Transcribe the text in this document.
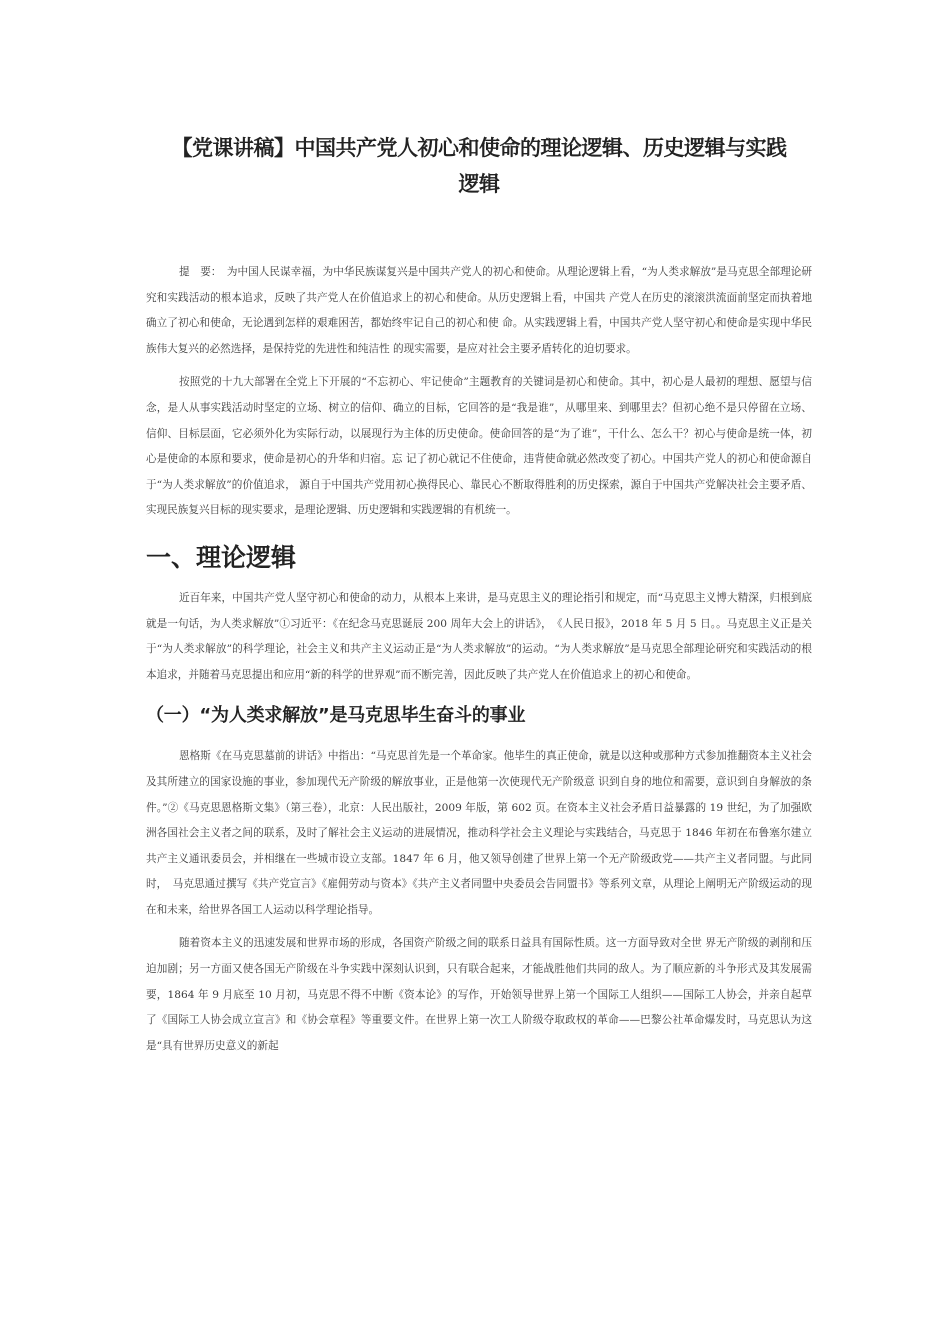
【党课讲稿】中国共产党人初心和使命的理论逻辑、历史逻辑与实践
逻辑

提　要：　为中国人民谋幸福，为中华民族谋复兴是中国共产党人的初心和使命。从理论逻辑上看，“为人类求解放”是马克思全部理论研究和实践活动的根本追求，反映了共产党人在价值追求上的初心和使命。从历史逻辑上看，中国共 产党人在历史的滚滚洪流面前坚定而执着地确立了初心和使命，无论遇到怎样的艰难困苦，都始终牢记自己的初心和使 命。从实践逻辑上看，中国共产党人坚守初心和使命是实现中华民族伟大复兴的必然选择，是保持党的先进性和纯洁性 的现实需要，是应对社会主要矛盾转化的迫切要求。

按照党的十九大部署在全党上下开展的“不忘初心、牢记使命”主题教育的关键词是初心和使命。其中，初心是人最初的理想、愿望与信念，是人从事实践活动时坚定的立场、树立的信仰、确立的目标，它回答的是“我是谁”，从哪里来、到哪里去？但初心绝不是只停留在立场、信仰、目标层面，它必须外化为实际行动，以展现行为主体的历史使命。使命回答的是“为了谁”，干什么、怎么干？初心与使命是统一体，初心是使命的本原和要求，使命是初心的升华和归宿。忘 记了初心就记不住使命，违背使命就必然改变了初心。中国共产党人的初心和使命源自于“为人类求解放”的价值追求， 源自于中国共产党用初心换得民心、靠民心不断取得胜利的历史探索，源自于中国共产党解决社会主要矛盾、实现民族复兴目标的现实要求，是理论逻辑、历史逻辑和实践逻辑的有机统一。

一、理论逻辑

近百年来，中国共产党人坚守初心和使命的动力，从根本上来讲，是马克思主义的理论指引和规定，而“马克思主义博大精深，归根到底就是一句话，为人类求解放”①习近平：《在纪念马克思诞辰 200 周年大会上的讲话》，　《人民日报》，2018 年 5 月 5 日。。马克思主义正是关于“为人类求解放”的科学理论，社会主义和共产主义运动正是“为人类求解放”的运动。“为人类求解放”是马克思全部理论研究和实践活动的根本追求，并随着马克思提出和应用“新的科学的世界观”而不断完善，因此反映了共产党人在价值追求上的初心和使命。

（一）“为人类求解放”是马克思毕生奋斗的事业

恩格斯《在马克思墓前的讲话》中指出：“马克思首先是一个革命家。他毕生的真正使命，就是以这种或那种方式参加推翻资本主义社会及其所建立的国家设施的事业，参加现代无产阶级的解放事业，正是他第一次使现代无产阶级意 识到自身的地位和需要，意识到自身解放的条件。”②《马克思恩格斯文集》（第三卷），北京：人民出版社，2009 年版，第 602 页。在资本主义社会矛盾日益暴露的 19 世纪，为了加强欧洲各国社会主义者之间的联系，及时了解社会主义运动的进展情况，推动科学社会主义理论与实践结合，马克思于 1846 年初在布鲁塞尔建立共产主义通讯委员会，并相继在一些城市设立支部。1847 年 6 月，他又领导创建了世界上第一个无产阶级政党——共产主义者同盟。与此同时，　马克思通过撰写《共产党宣言》《雇佣劳动与资本》《共产主义者同盟中央委员会告同盟书》等系列文章，从理论上阐明无产阶级运动的现在和未来，给世界各国工人运动以科学理论指导。

随着资本主义的迅速发展和世界市场的形成，各国资产阶级之间的联系日益具有国际性质。这一方面导致对全世 界无产阶级的剥削和压迫加剧；另一方面又使各国无产阶级在斗争实践中深刻认识到，只有联合起来，才能战胜他们共同的敌人。为了顺应新的斗争形式及其发展需要，1864 年 9 月底至 10 月初，马克思不得不中断《资本论》的写作，开始领导世界上第一个国际工人组织——国际工人协会，并亲自起草了《国际工人协会成立宣言》和《协会章程》等重要文件。在世界上第一次工人阶级夺取政权的革命——巴黎公社革命爆发时，马克思认为这是“具有世界历史意义的新起
